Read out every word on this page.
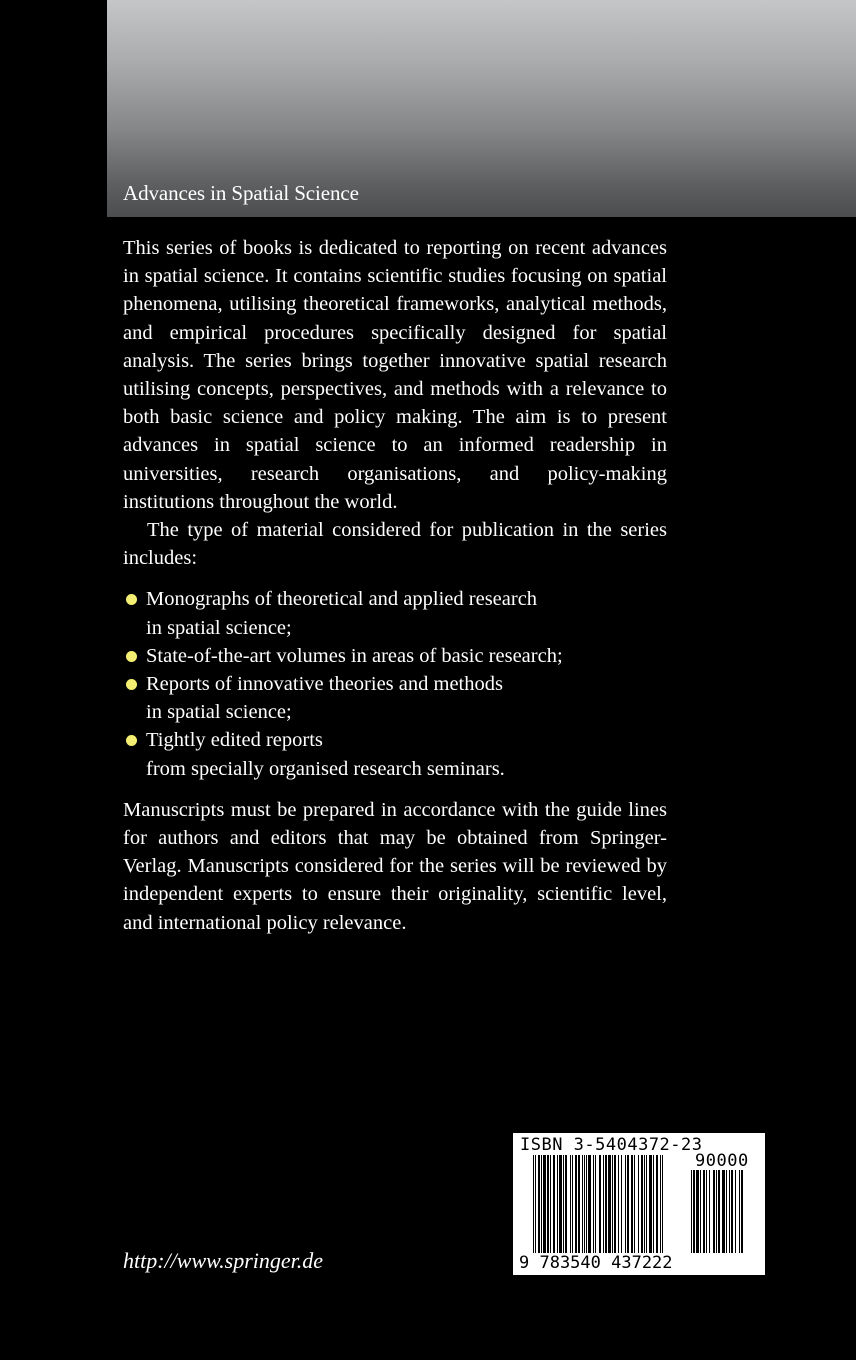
Advances in Spatial Science

This series of books is dedicated to reporting on recent advances in spatial science. It contains scientific studies focusing on spatial phenomena, utilising theoretical frameworks, analytical methods, and empirical procedures specifically designed for spatial analysis. The series brings together innovative spatial research utilising concepts, perspectives, and methods with a relevance to both basic science and policy making. The aim is to present advances in spatial science to an informed readership in universities, research organisations, and policy-making institutions throughout the world.

The type of material considered for publication in the series includes:

Monographs of theoretical and applied research
in spatial science;
State-of-the-art volumes in areas of basic research;
Reports of innovative theories and methods
in spatial science;
Tightly edited reports
from specially organised research seminars.

Manuscripts must be prepared in accordance with the guide lines for authors and editors that may be obtained from Springer-Verlag. Manuscripts considered for the series will be reviewed by independent experts to ensure their originality, scientific level, and international policy relevance.

http://www.springer.de
ISBN 3-5404372-23
90000
9 783540 437222
